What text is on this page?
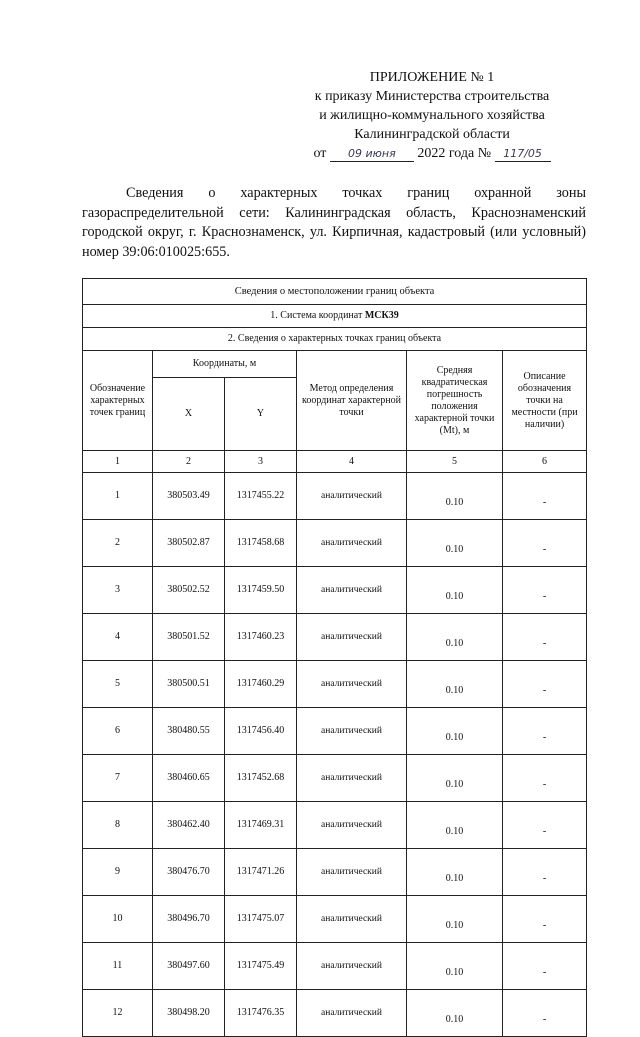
ПРИЛОЖЕНИЕ № 1
к приказу Министерства строительства
и жилищно-коммунального хозяйства
Калининградской области
от 09 июня 2022 года № 117/05

Сведения о характерных точках границ охранной зоны газораспределительной сети: Калининградская область, Краснознаменский городской округ, г. Краснознаменск, ул. Кирпичная, кадастровый (или условный) номер 39:06:010025:655.

Сведения о местоположении границ объекта					
1. Система координат МСК39					
2. Сведения о характерных точках границ объекта					
Обозначение характерных точек границ	Координаты, м		Метод определения координат характерной точки	Средняя квадратическая погрешность положения характерной точки (Mt), м	Описание обозначения точки на местности (при наличии)
	X	Y			
1	2	3	4	5	6
1	380503.49	1317455.22	аналитический	0.10	-
2	380502.87	1317458.68	аналитический	0.10	-
3	380502.52	1317459.50	аналитический	0.10	-
4	380501.52	1317460.23	аналитический	0.10	-
5	380500.51	1317460.29	аналитический	0.10	-
6	380480.55	1317456.40	аналитический	0.10	-
7	380460.65	1317452.68	аналитический	0.10	-
8	380462.40	1317469.31	аналитический	0.10	-
9	380476.70	1317471.26	аналитический	0.10	-
10	380496.70	1317475.07	аналитический	0.10	-
11	380497.60	1317475.49	аналитический	0.10	-
12	380498.20	1317476.35	аналитический	0.10	-
